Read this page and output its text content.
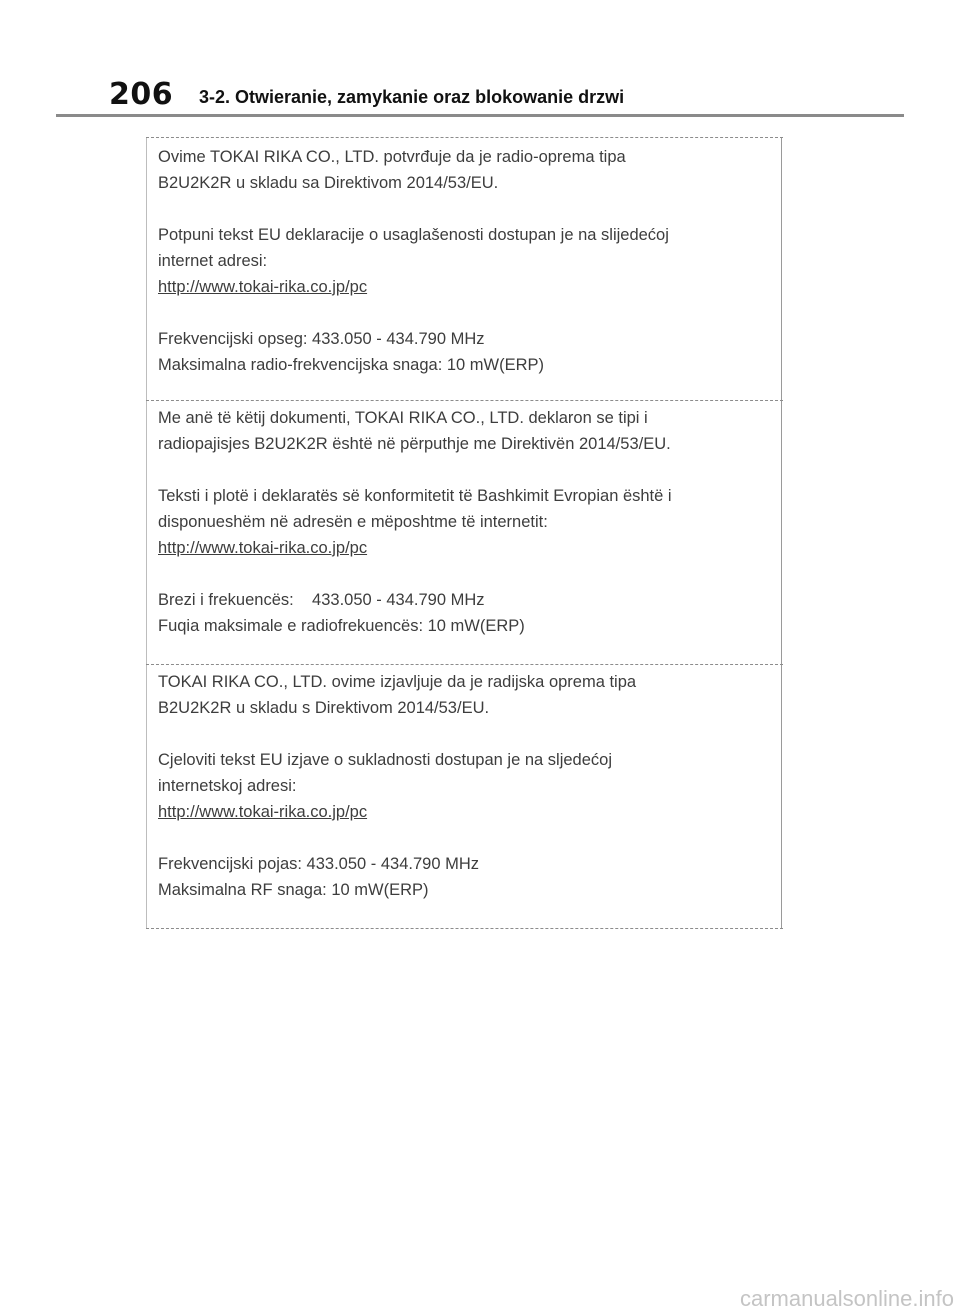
206 3-2. Otwieranie, zamykanie oraz blokowanie drzwi

Ovime TOKAI RIKA CO., LTD. potvrđuje da je radio-oprema tipa

B2U2K2R u skladu sa Direktivom 2014/53/EU.

Potpuni tekst EU deklaracije o usaglašenosti dostupan je na slijedećoj

internet adresi:

http://www.tokai-rika.co.jp/pc

Frekvencijski opseg: 433.050 - 434.790 MHz

Maksimalna radio-frekvencijska snaga: 10 mW(ERP)

Me anë të këtij dokumenti, TOKAI RIKA CO., LTD. deklaron se tipi i

radiopajisjes B2U2K2R është në përputhje me Direktivën 2014/53/EU.

Teksti i plotë i deklaratës së konformitetit të Bashkimit Evropian është i

disponueshëm në adresën e mëposhtme të internetit:

http://www.tokai-rika.co.jp/pc

Brezi i frekuencës:    433.050 - 434.790 MHz

Fuqia maksimale e radiofrekuencës: 10 mW(ERP)

TOKAI RIKA CO., LTD. ovime izjavljuje da je radijska oprema tipa

B2U2K2R u skladu s Direktivom 2014/53/EU.

Cjeloviti tekst EU izjave o sukladnosti dostupan je na sljedećoj

internetskoj adresi:

http://www.tokai-rika.co.jp/pc

Frekvencijski pojas: 433.050 - 434.790 MHz

Maksimalna RF snaga: 10 mW(ERP)

carmanualsonline.info
